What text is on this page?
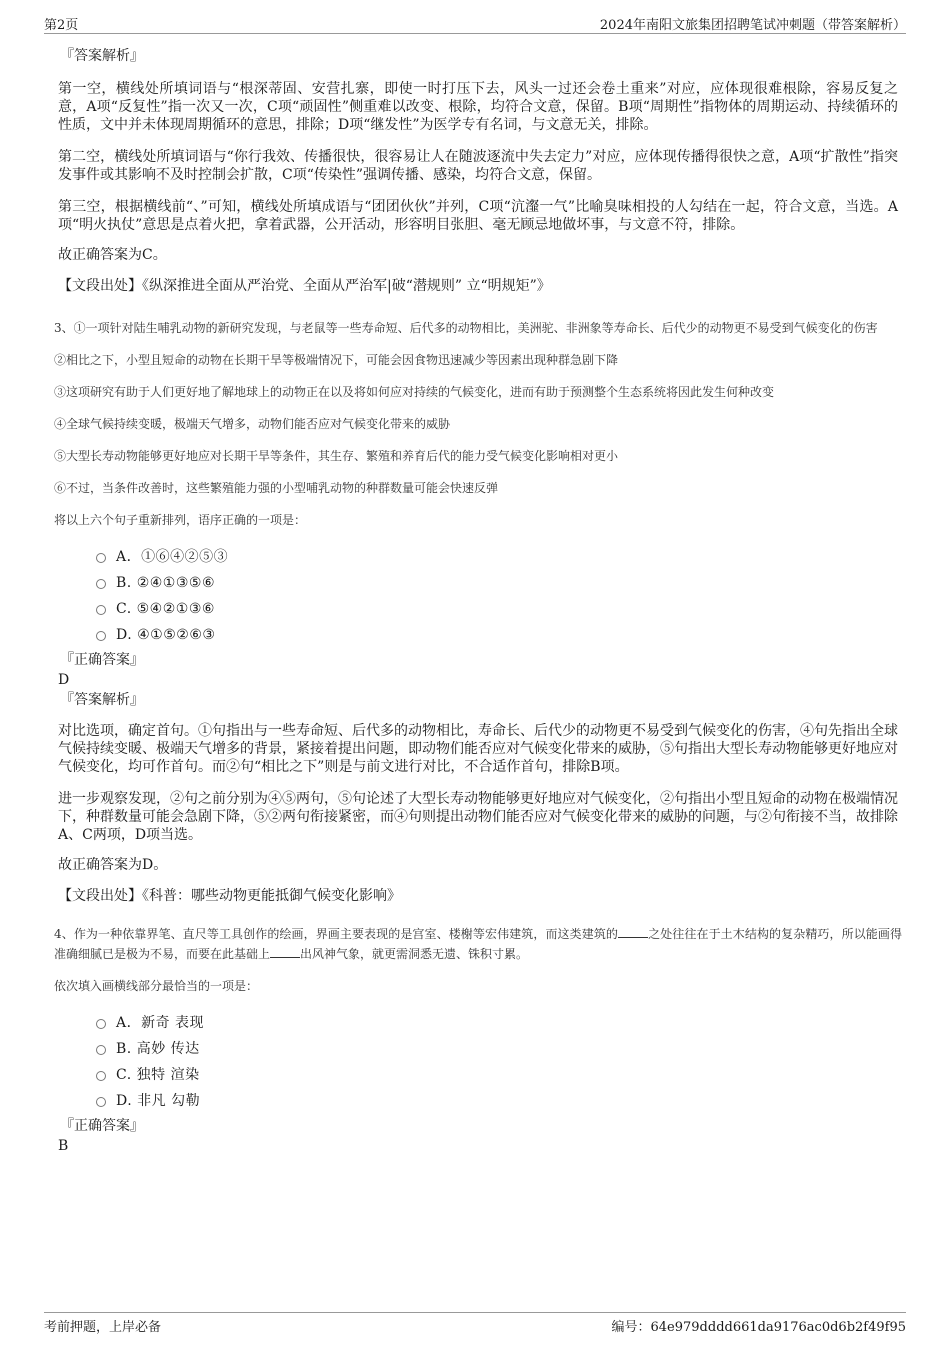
第2页	2024年南阳文旅集团招聘笔试冲刺题（带答案解析）
『答案解析』

第一空，横线处所填词语与“根深蒂固、安营扎寨，即使一时打压下去，风头一过还会卷土重来”对应，应体现很难根除，容易反复之意，A项“反复性”指一次又一次，C项“顽固性”侧重难以改变、根除，均符合文意，保留。B项“周期性”指物体的周期运动、持续循环的性质，文中并未体现周期循环的意思，排除；D项“继发性”为医学专有名词，与文意无关，排除。

第二空，横线处所填词语与“你行我效、传播很快，很容易让人在随波逐流中失去定力”对应，应体现传播得很快之意，A项“扩散性”指突发事件或其影响不及时控制会扩散，C项“传染性”强调传播、感染，均符合文意，保留。

第三空，根据横线前“、”可知，横线处所填成语与“团团伙伙”并列，C项“沆瀣一气”比喻臭味相投的人勾结在一起，符合文意，当选。A项“明火执仗”意思是点着火把，拿着武器，公开活动，形容明目张胆、毫无顾忌地做坏事，与文意不符，排除。

故正确答案为C。

【文段出处】《纵深推进全面从严治党、全面从严治军|破“潜规则” 立“明规矩”》

3、①一项针对陆生哺乳动物的新研究发现，与老鼠等一些寿命短、后代多的动物相比，美洲驼、非洲象等寿命长、后代少的动物更不易受到气候变化的伤害

②相比之下，小型且短命的动物在长期干旱等极端情况下，可能会因食物迅速减少等因素出现种群急剧下降

③这项研究有助于人们更好地了解地球上的动物正在以及将如何应对持续的气候变化，进而有助于预测整个生态系统将因此发生何种改变

④全球气候持续变暖，极端天气增多，动物们能否应对气候变化带来的威胁

⑤大型长寿动物能够更好地应对长期干旱等条件，其生存、繁殖和养育后代的能力受气候变化影响相对更小

⑥不过，当条件改善时，这些繁殖能力强的小型哺乳动物的种群数量可能会快速反弹

将以上六个句子重新排列，语序正确的一项是：

A．①⑥④②⑤③
B. ②④①③⑤⑥
C. ⑤④②①③⑥
D. ④①⑤②⑥③
『正确答案』
D
『答案解析』

对比选项，确定首句。①句指出与一些寿命短、后代多的动物相比，寿命长、后代少的动物更不易受到气候变化的伤害，④句先指出全球气候持续变暖、极端天气增多的背景，紧接着提出问题，即动物们能否应对气候变化带来的威胁，⑤句指出大型长寿动物能够更好地应对气候变化，均可作首句。而②句“相比之下”则是与前文进行对比，不合适作首句，排除B项。

进一步观察发现，②句之前分别为④⑤两句，⑤句论述了大型长寿动物能够更好地应对气候变化，②句指出小型且短命的动物在极端情况下，种群数量可能会急剧下降，⑤②两句衔接紧密，而④句则提出动物们能否应对气候变化带来的威胁的问题，与②句衔接不当，故排除A、C两项，D项当选。

故正确答案为D。

【文段出处】《科普：哪些动物更能抵御气候变化影响》

4、作为一种依靠界笔、直尺等工具创作的绘画，界画主要表现的是宫室、楼榭等宏伟建筑，而这类建筑的	之处往往在于土木结构的复杂精巧，所以能画得准确细腻已是极为不易，而要在此基础上	出风神气象，就更需洞悉无遗、铢积寸累。

依次填入画横线部分最恰当的一项是：

A．新奇 表现
B. 高妙 传达
C. 独特 渲染
D. 非凡 勾勒
『正确答案』
B
考前押题，上岸必备	编号：64e979dddd661da9176ac0d6b2f49f95
